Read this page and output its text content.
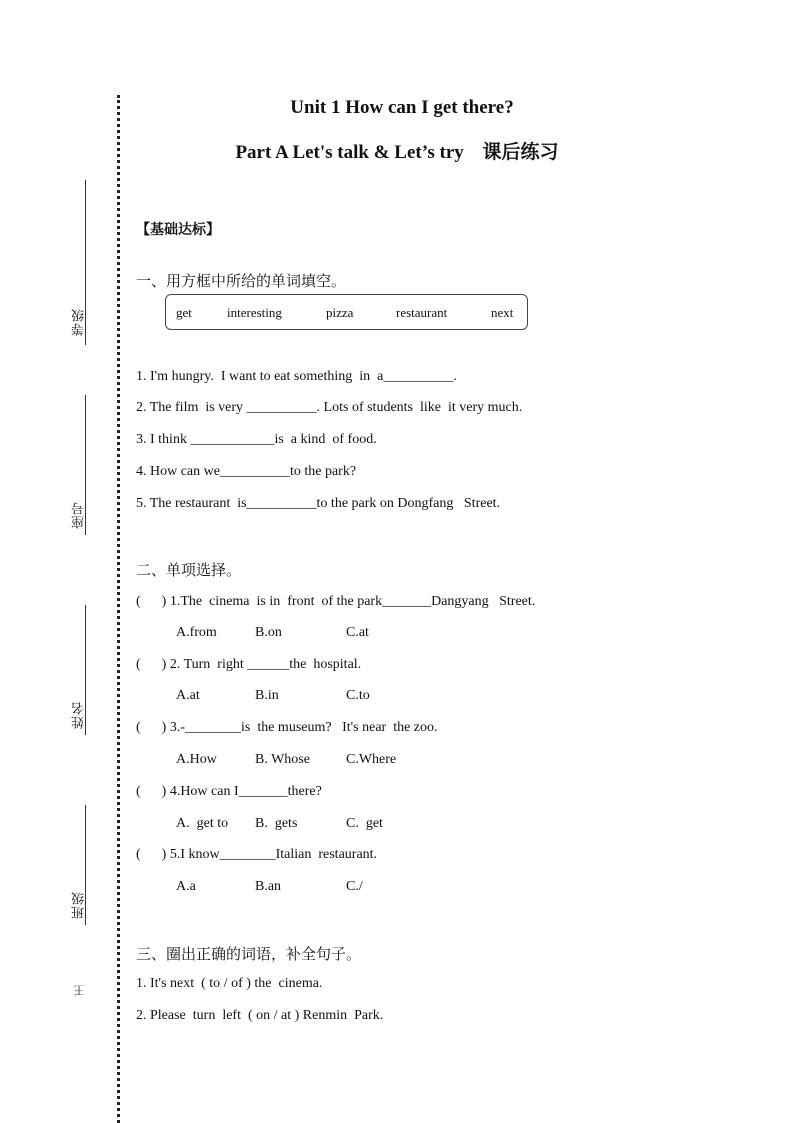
等级
座号
姓名
班级
王
Unit 1 How can I get there?
Part A Let's talk & Let’s try 课后练习
【基础达标】
一、用方框中所给的单词填空。
get	interesting	pizza	restaurant	next
1. I'm hungry.  I want to eat something  in  a__________.
2. The film  is very __________. Lots of students  like  it very much.
3. I think ____________is  a kind  of food.
4. How can we__________to the park?
5. The restaurant  is__________to the park on Dongfang   Street.
二、单项选择。
(      ) 1.The  cinema  is in  front  of the park_______Dangyang   Street.
A.from	B.on	C.at
(      ) 2. Turn  right ______the  hospital.
A.at	B.in	C.to
(      ) 3.-________is  the museum?   It's near  the zoo.
A.How	B. Whose	C.Where
(      ) 4.How can I_______there?
A.  get to B.  gets	C.  get
(      ) 5.I know________Italian  restaurant.
A.a	B.an	C./
三、圈出正确的词语，补全句子。
1. It's next  ( to / of ) the  cinema.
2. Please  turn  left  ( on / at ) Renmin  Park.
